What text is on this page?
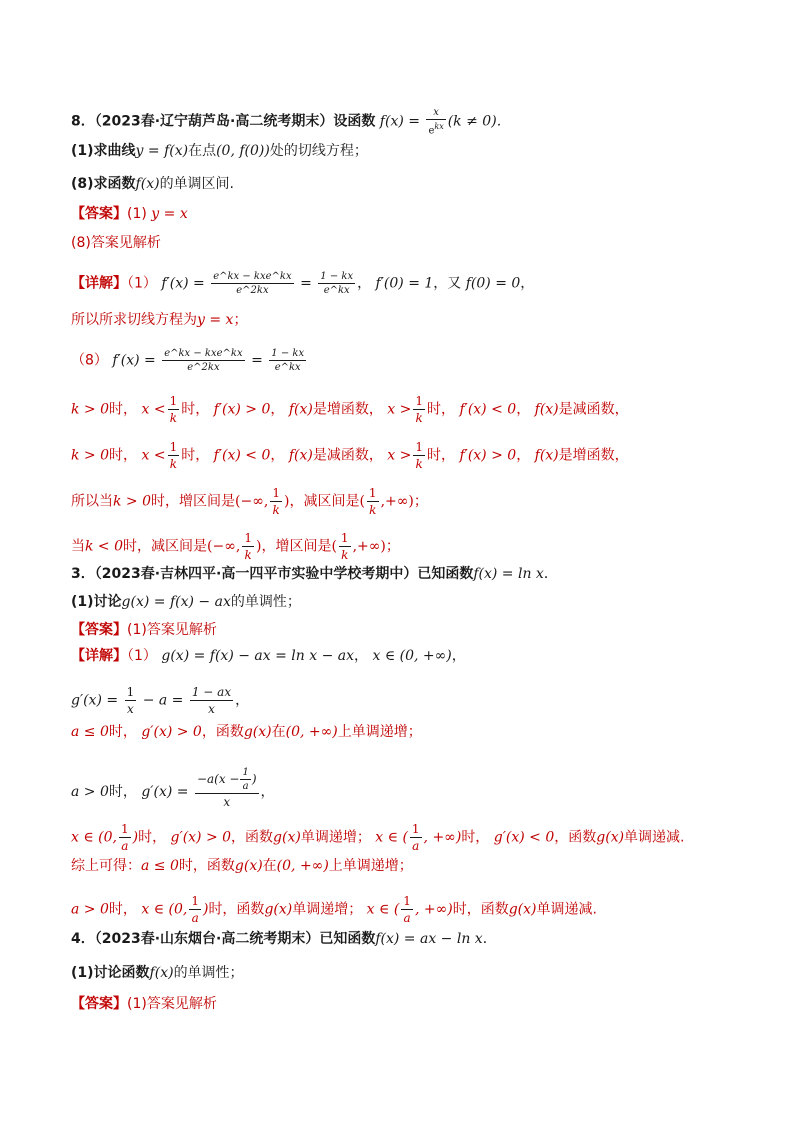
8．（2023春·辽宁葫芦岛·高二统考期末）设函数 $f(x) = \frac{x}{e^{kx}} (k \ne 0)$．
(1)求曲线y = f(x)在点(0, f(0))处的切线方程；
(8)求函数f(x)的单调区间.
【答案】(1) y = x
(8)答案见解析
【详解】（1） $f'(x) = \frac{\text{e\textasciicircum{}kx − kxe\textasciicircum{}kx}}{e\^{}2kx} = \frac{1 - kx}{e\^{}kx}$ ， f′(0) = 1，又 f(0) = 0，
所以所求切线方程为y = x；
（8） $f'(x) = \frac{\text{e\textasciicircum{}kx − kxe\textasciicircum{}kx}}{e\^{}2kx} = \frac{1 - kx}{e\^{}kx}$
k > 0时， $x < \frac{1}{k}$ 时， f′(x) > 0， f(x)是增函数， $x > \frac{1}{k}$ 时， f′(x) < 0， f(x)是减函数，
k > 0时， $x < \frac{1}{k}$ 时， f′(x) < 0， f(x)是减函数， $x > \frac{1}{k}$ 时， f′(x) > 0， f(x)是增函数，
所以当k > 0时，增区间是(−∞, $\frac{1}{k}$ )，减区间是( $\frac{1}{k}$ ,+∞)；
当k < 0时，减区间是(−∞, $\frac{1}{k}$ )，增区间是( $\frac{1}{k}$ ,+∞)；
3．（2023春·吉林四平·高一四平市实验中学校考期中）已知函数f(x) = ln x．
(1)讨论g(x) = f(x) − ax的单调性；
【答案】(1)答案见解析
【详解】（1） g(x) = f(x) − ax = ln x − ax， x ∈ (0, +∞)，
$g'(x) = \frac{1}{x} - a = \frac{1 - ax}{x}$ ，
a ≤ 0时， g′(x) > 0，函数g(x)在(0, +∞)上单调递增；
a > 0时， $g'(x) = \frac{-a(x - \frac{1}{a} )}{x}$ ，
x ∈ (0, $\frac{1}{a}$ )时， g′(x) > 0，函数g(x)单调递增； x ∈ ( $\frac{1}{a}$ , +∞)时， g′(x) < 0，函数g(x)单调递减.
综上可得：a ≤ 0时，函数g(x)在(0, +∞)上单调递增；
a > 0时， x ∈ (0, $\frac{1}{a}$ )时，函数g(x)单调递增； x ∈ ( $\frac{1}{a}$ , +∞)时，函数g(x)单调递减.
4．（2023春·山东烟台·高二统考期末）已知函数f(x) = ax − ln x．
(1)讨论函数f(x)的单调性；
【答案】(1)答案见解析
